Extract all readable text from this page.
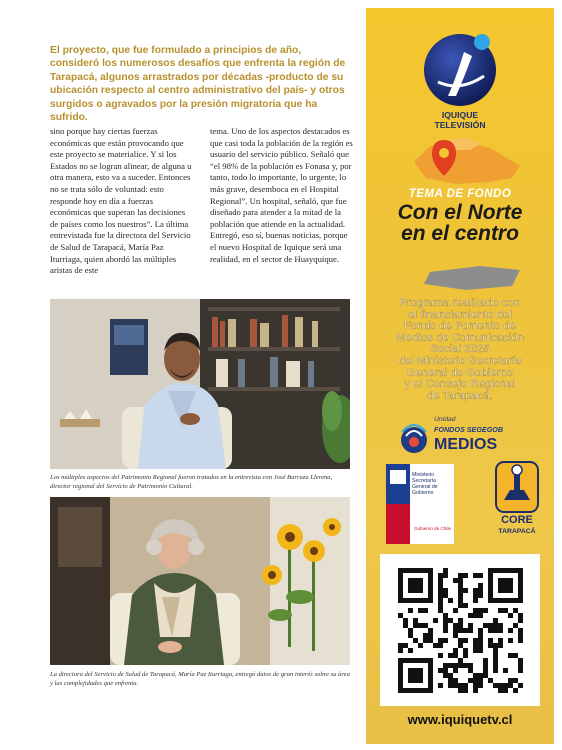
El proyecto, que fue formulado a principios de año, consideró los numerosos desafíos que enfrenta la región de Tarapacá, algunos arrastrados por décadas -producto de su ubicación respecto al centro administrativo del país- y otros surgidos o agravados por la presión migratoria que ha sufrido.

sino porque hay ciertas fuerzas económicas que están provocando que este proyecto se materialice. Y si los Estados no se logran alinear, de alguna u otra manera, esto va a suceder. Entonces no se trata sólo de voluntad: esto responde hoy en día a fuerzas económicas que superan las decisiones de países como los nuestros”. La última entrevistada fue la directora del Servicio de Salud de Tarapacá, María Paz Iturriaga, quien abordó las múltiples aristas de este

tema. Uno de los aspectos destacados es que casi toda la población de la región es usuario del servicio público. Señaló que “el 98% de la población es Fonasa y, por tanto, todo lo importante, lo urgente, lo más grave, desemboca en el Hospital Regional”. Un hospital, señaló, que fue diseñado para atender a la mitad de la población que atiende en la actualidad. Entregó, eso sí, buenas noticias, porque el nuevo Hospital de Iquique será una realidad, en el sector de Huayquique.

Los múltiples aspectos del Patrimonio Regional fueron tratados en la entrevista con José Barraza Llerena, director regional del Servicio de Patrimonio Cultural.
La directora del Servicio de Salud de Tarapacá, María Paz Iturriaga, entregó datos de gran interés sobre su área y las complejidades que enfrenta.
IQUIQUE
TELEVISIÓN
TEMA DE FONDO
Con el Norte
en el centro
Programa realizado con
el financiamiento del
Fondo de Fomento de
Medios de Comunicación
Social 2025
del Ministerio Secretaría
General de Gobierno
y el Consejo Regional
de Tarapacá.
Unidad
FONDOS SEGEGOB
MEDIOS
Ministerio Secretaría General de Gobierno
Gobierno de Chile
CORE
TARAPACÁ
www.iquiquetv.cl
